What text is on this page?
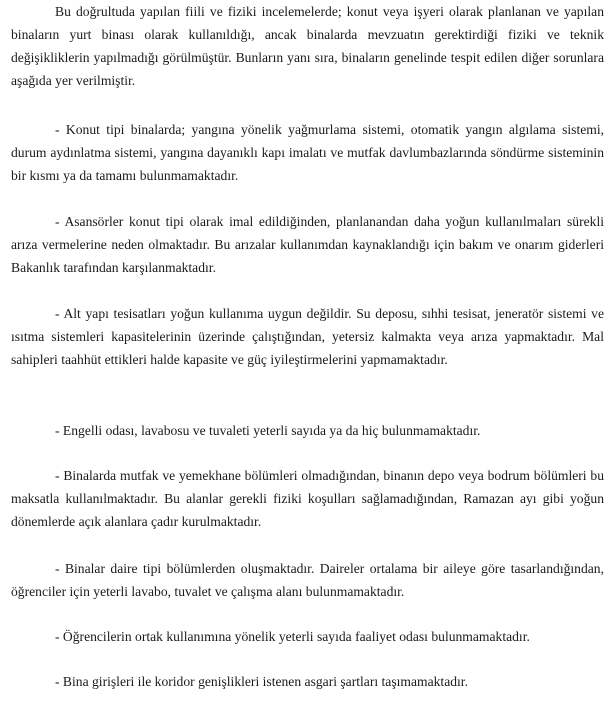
Bu doğrultuda yapılan fiili ve fiziki incelemelerde; konut veya işyeri olarak planlanan ve yapılan binaların yurt binası olarak kullanıldığı, ancak binalarda mevzuatın gerektirdiği fiziki ve teknik değişikliklerin yapılmadığı görülmüştür. Bunların yanı sıra, binaların genelinde tespit edilen diğer sorunlara aşağıda yer verilmiştir.

- Konut tipi binalarda; yangına yönelik yağmurlama sistemi, otomatik yangın algılama sistemi, durum aydınlatma sistemi, yangına dayanıklı kapı imalatı ve mutfak davlumbazlarında söndürme sisteminin bir kısmı ya da tamamı bulunmamaktadır.

- Asansörler konut tipi olarak imal edildiğinden, planlanandan daha yoğun kullanılmaları sürekli arıza vermelerine neden olmaktadır. Bu arızalar kullanımdan kaynaklandığı için bakım ve onarım giderleri Bakanlık tarafından karşılanmaktadır.

- Alt yapı tesisatları yoğun kullanıma uygun değildir. Su deposu, sıhhi tesisat, jeneratör sistemi ve ısıtma sistemleri kapasitelerinin üzerinde çalıştığından, yetersiz kalmakta veya arıza yapmaktadır. Mal sahipleri taahhüt ettikleri halde kapasite ve güç iyileştirmelerini yapmamaktadır.

- Engelli odası, lavabosu ve tuvaleti yeterli sayıda ya da hiç bulunmamaktadır.

- Binalarda mutfak ve yemekhane bölümleri olmadığından, binanın depo veya bodrum bölümleri bu maksatla kullanılmaktadır. Bu alanlar gerekli fiziki koşulları sağlamadığından, Ramazan ayı gibi yoğun dönemlerde açık alanlara çadır kurulmaktadır.

- Binalar daire tipi bölümlerden oluşmaktadır. Daireler ortalama bir aileye göre tasarlandığından, öğrenciler için yeterli lavabo, tuvalet ve çalışma alanı bulunmamaktadır.

- Öğrencilerin ortak kullanımına yönelik yeterli sayıda faaliyet odası bulunmamaktadır.

- Bina girişleri ile koridor genişlikleri istenen asgari şartları taşımamaktadır.
